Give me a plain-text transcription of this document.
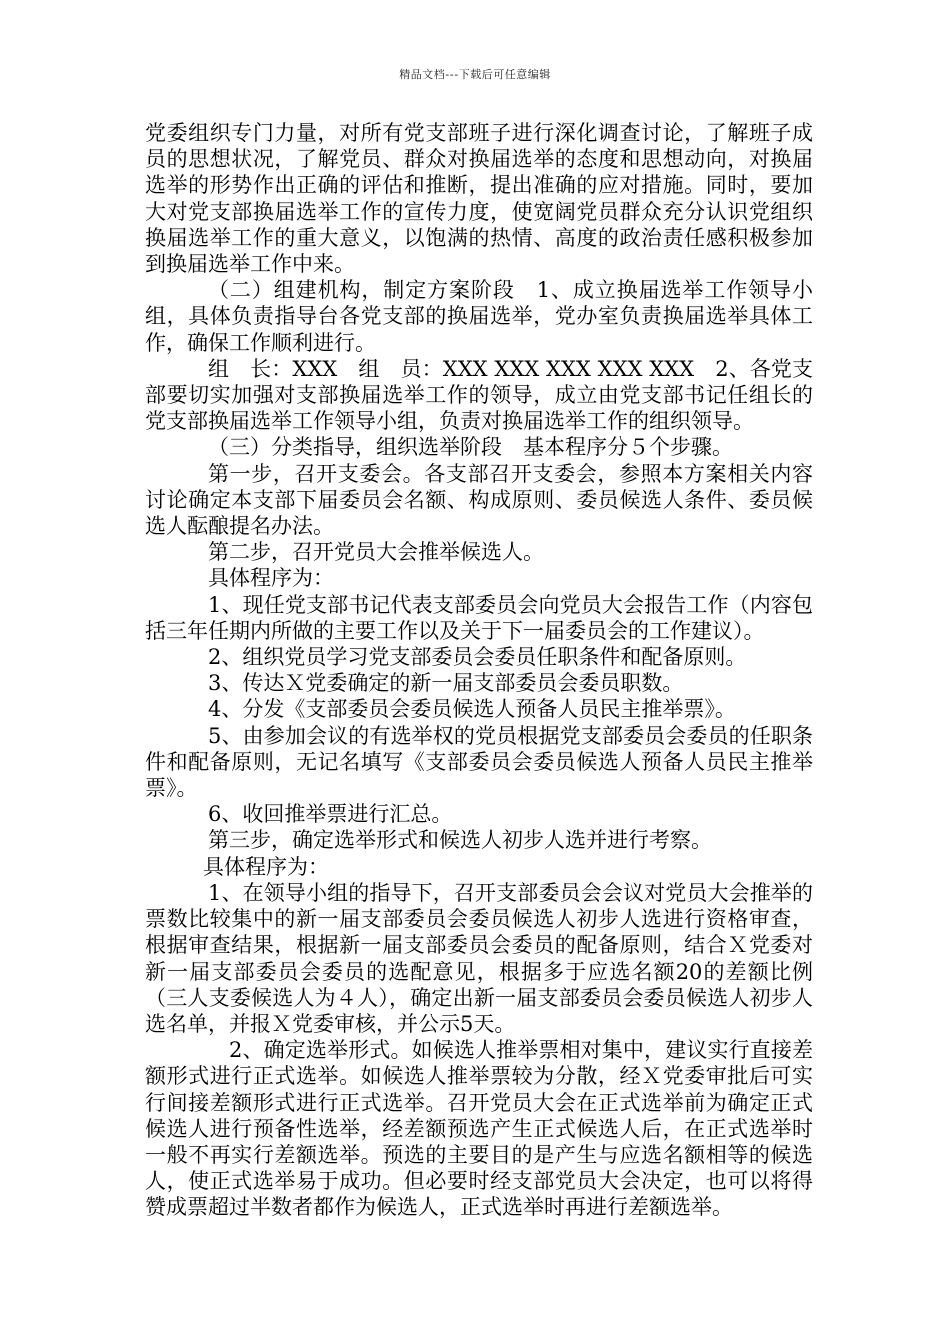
精品文档---下载后可任意编辑

党委组织专门力量，对所有党支部班子进行深化调查讨论，了解班子成员的思想状况，了解党员、群众对换届选举的态度和思想动向，对换届选举的形势作出正确的评估和推断，提出准确的应对措施。同时，要加大对党支部换届选举工作的宣传力度，使宽阔党员群众充分认识党组织换届选举工作的重大意义，以饱满的热情、高度的政治责任感积极参加到换届选举工作中来。

（二）组建机构，制定方案阶段　1、成立换届选举工作领导小组，具体负责指导台各党支部的换届选举，党办室负责换届选举具体工作，确保工作顺利进行。

组　长：XXX　组　员：XXX XXX XXX XXX XXX　2、各党支部要切实加强对支部换届选举工作的领导，成立由党支部书记任组长的党支部换届选举工作领导小组，负责对换届选举工作的组织领导。

（三）分类指导，组织选举阶段　基本程序分５个步骤。

第一步，召开支委会。各支部召开支委会，参照本方案相关内容讨论确定本支部下届委员会名额、构成原则、委员候选人条件、委员候选人酝酿提名办法。

第二步，召开党员大会推举候选人。

具体程序为：

1、现任党支部书记代表支部委员会向党员大会报告工作（内容包括三年任期内所做的主要工作以及关于下一届委员会的工作建议）。

2、组织党员学习党支部委员会委员任职条件和配备原则。

3、传达Ｘ党委确定的新一届支部委员会委员职数。

4、分发《支部委员会委员候选人预备人员民主推举票》。

5、由参加会议的有选举权的党员根据党支部委员会委员的任职条件和配备原则，无记名填写《支部委员会委员候选人预备人员民主推举票》。

6、收回推举票进行汇总。

第三步，确定选举形式和候选人初步人选并进行考察。

具体程序为：

1、在领导小组的指导下，召开支部委员会会议对党员大会推举的票数比较集中的新一届支部委员会委员候选人初步人选进行资格审查，根据审查结果，根据新一届支部委员会委员的配备原则，结合Ｘ党委对新一届支部委员会委员的选配意见，根据多于应选名额20的差额比例（三人支委候选人为４人），确定出新一届支部委员会委员候选人初步人选名单，并报Ｘ党委审核，并公示5天。

2、确定选举形式。如候选人推举票相对集中，建议实行直接差额形式进行正式选举。如候选人推举票较为分散，经Ｘ党委审批后可实行间接差额形式进行正式选举。召开党员大会在正式选举前为确定正式候选人进行预备性选举，经差额预选产生正式候选人后，在正式选举时一般不再实行差额选举。预选的主要目的是产生与应选名额相等的候选人，使正式选举易于成功。但必要时经支部党员大会决定，也可以将得赞成票超过半数者都作为候选人，正式选举时再进行差额选举。
